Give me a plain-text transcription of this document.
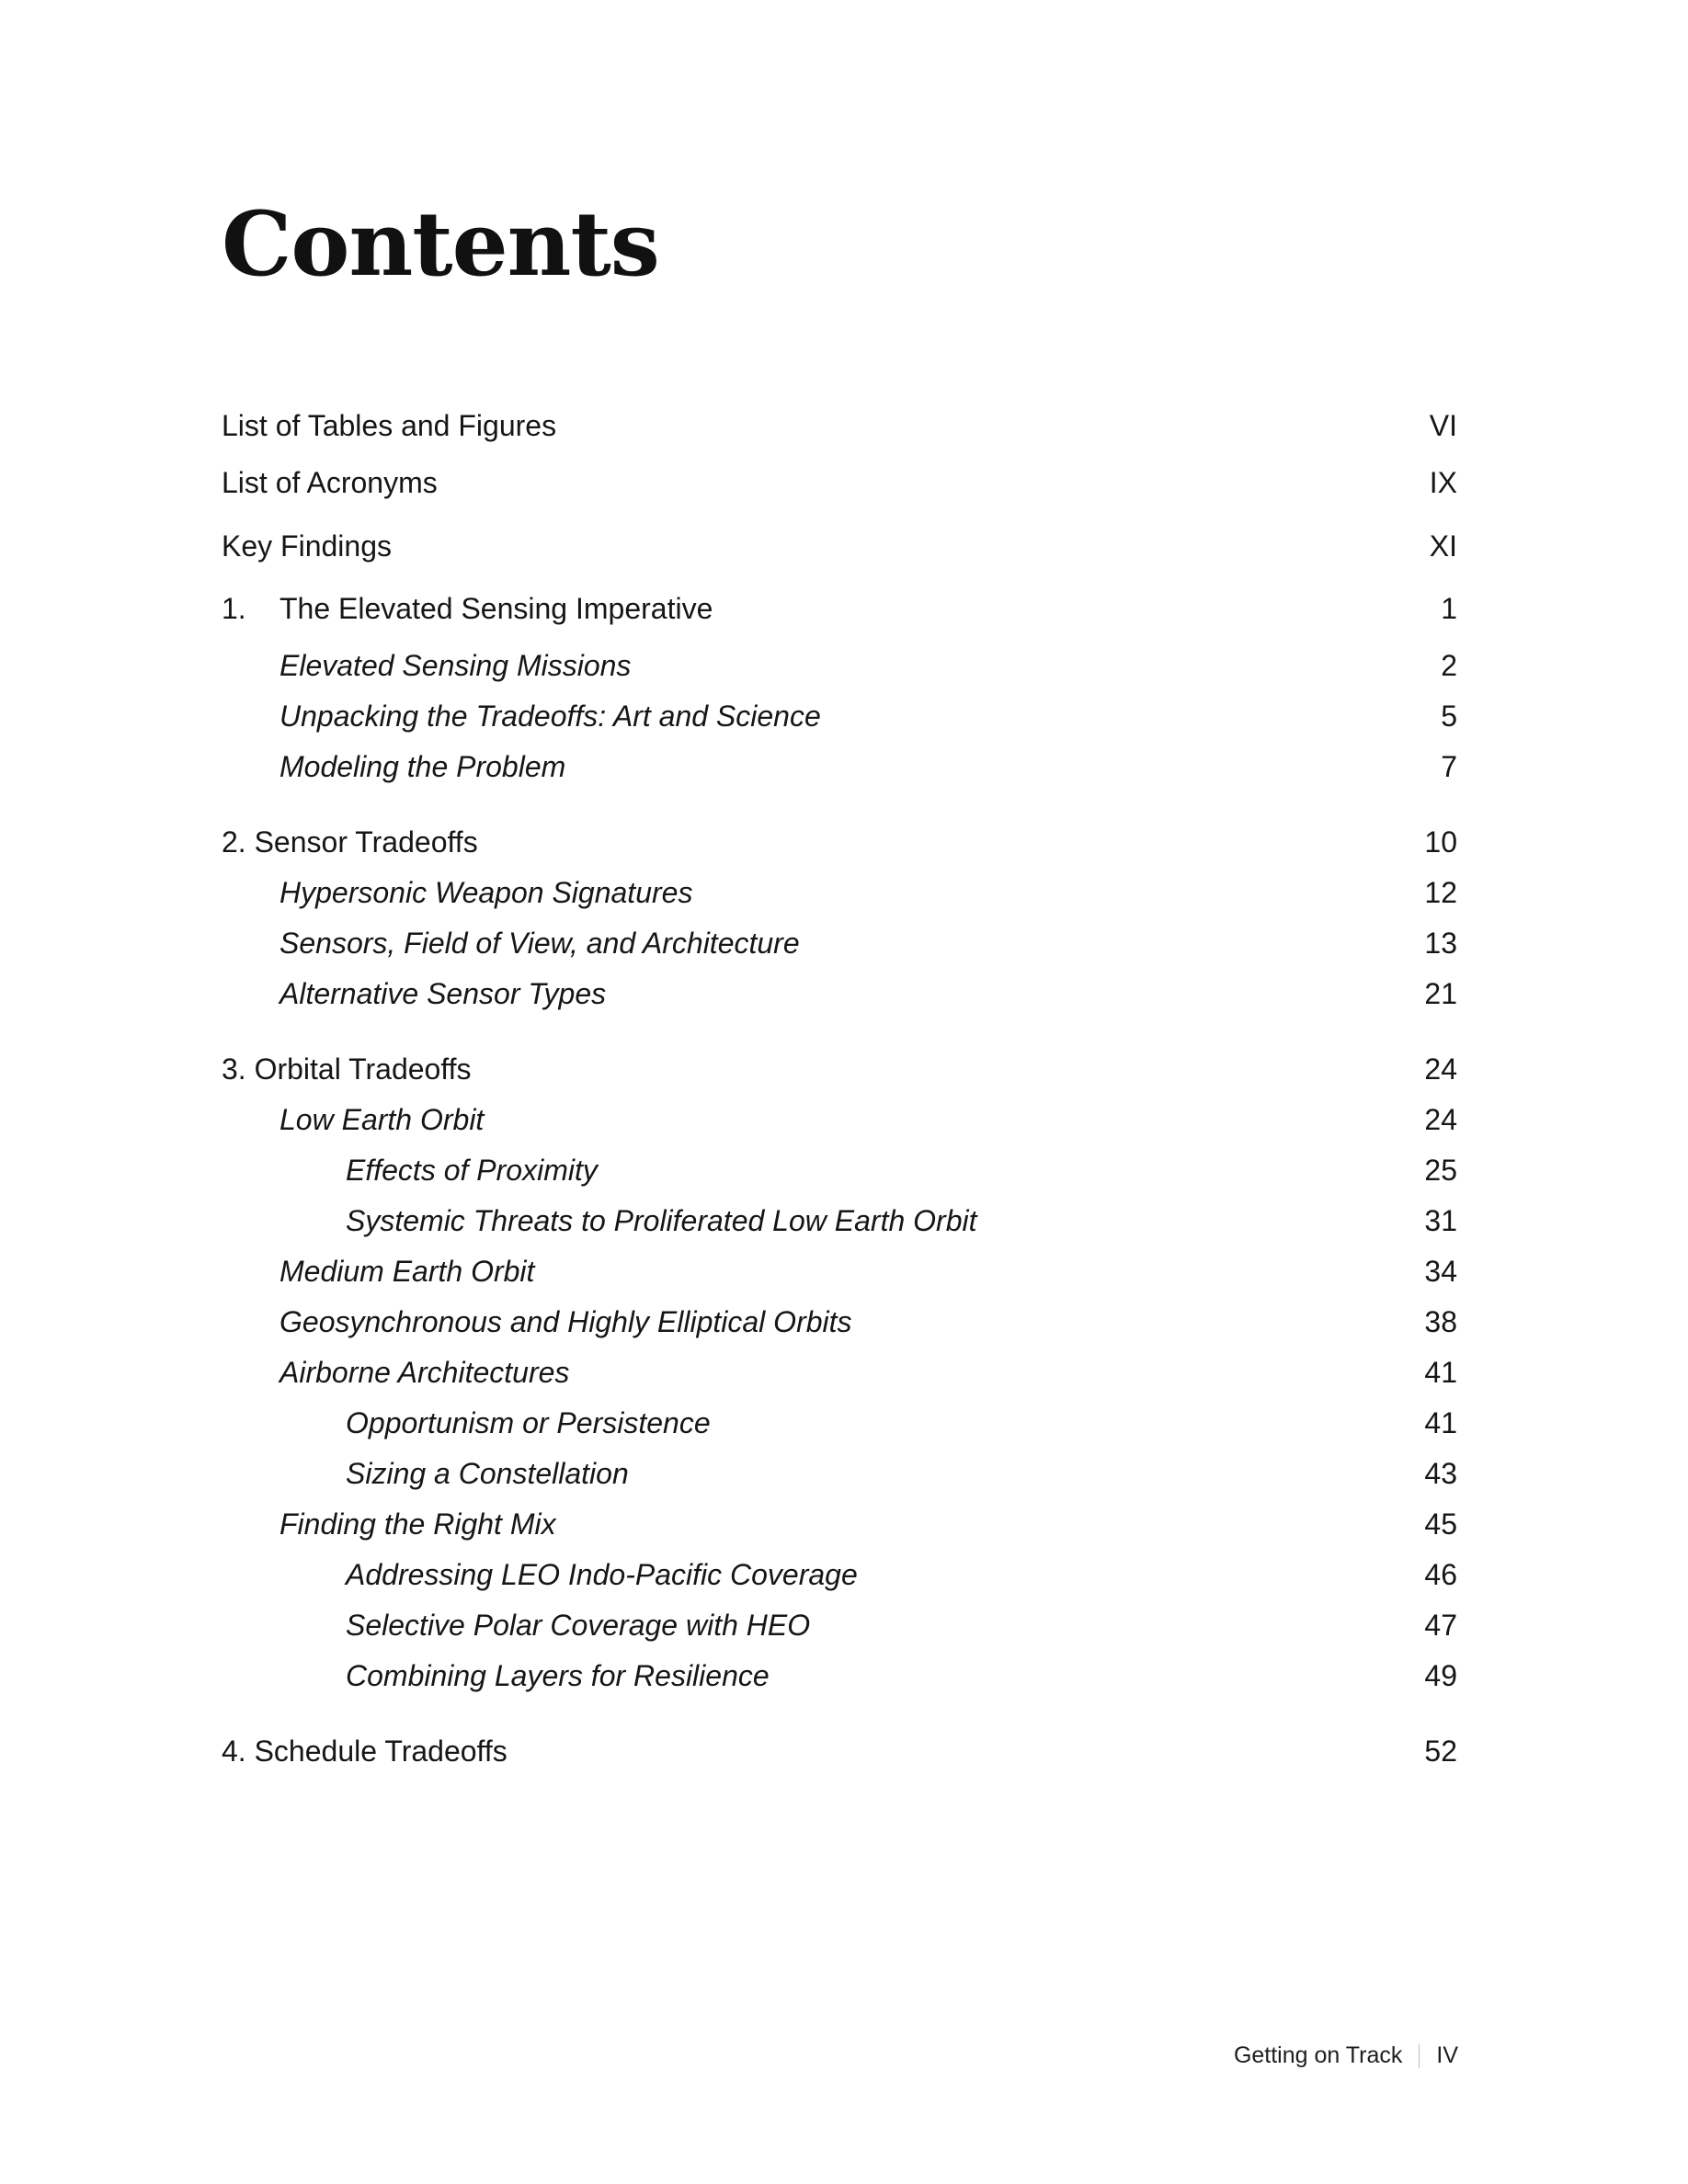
Contents
List of Tables and Figures	VI
List of Acronyms	IX
Key Findings	XI
1. The Elevated Sensing Imperative	1
Elevated Sensing Missions	2
Unpacking the Tradeoffs: Art and Science	5
Modeling the Problem	7
2. Sensor Tradeoffs	10
Hypersonic Weapon Signatures	12
Sensors, Field of View, and Architecture	13
Alternative Sensor Types	21
3. Orbital Tradeoffs	24
Low Earth Orbit	24
Effects of Proximity	25
Systemic Threats to Proliferated Low Earth Orbit	31
Medium Earth Orbit	34
Geosynchronous and Highly Elliptical Orbits	38
Airborne Architectures	41
Opportunism or Persistence	41
Sizing a Constellation	43
Finding the Right Mix	45
Addressing LEO Indo-Pacific Coverage	46
Selective Polar Coverage with HEO	47
Combining Layers for Resilience	49
4. Schedule Tradeoffs	52
Getting on Track IV
